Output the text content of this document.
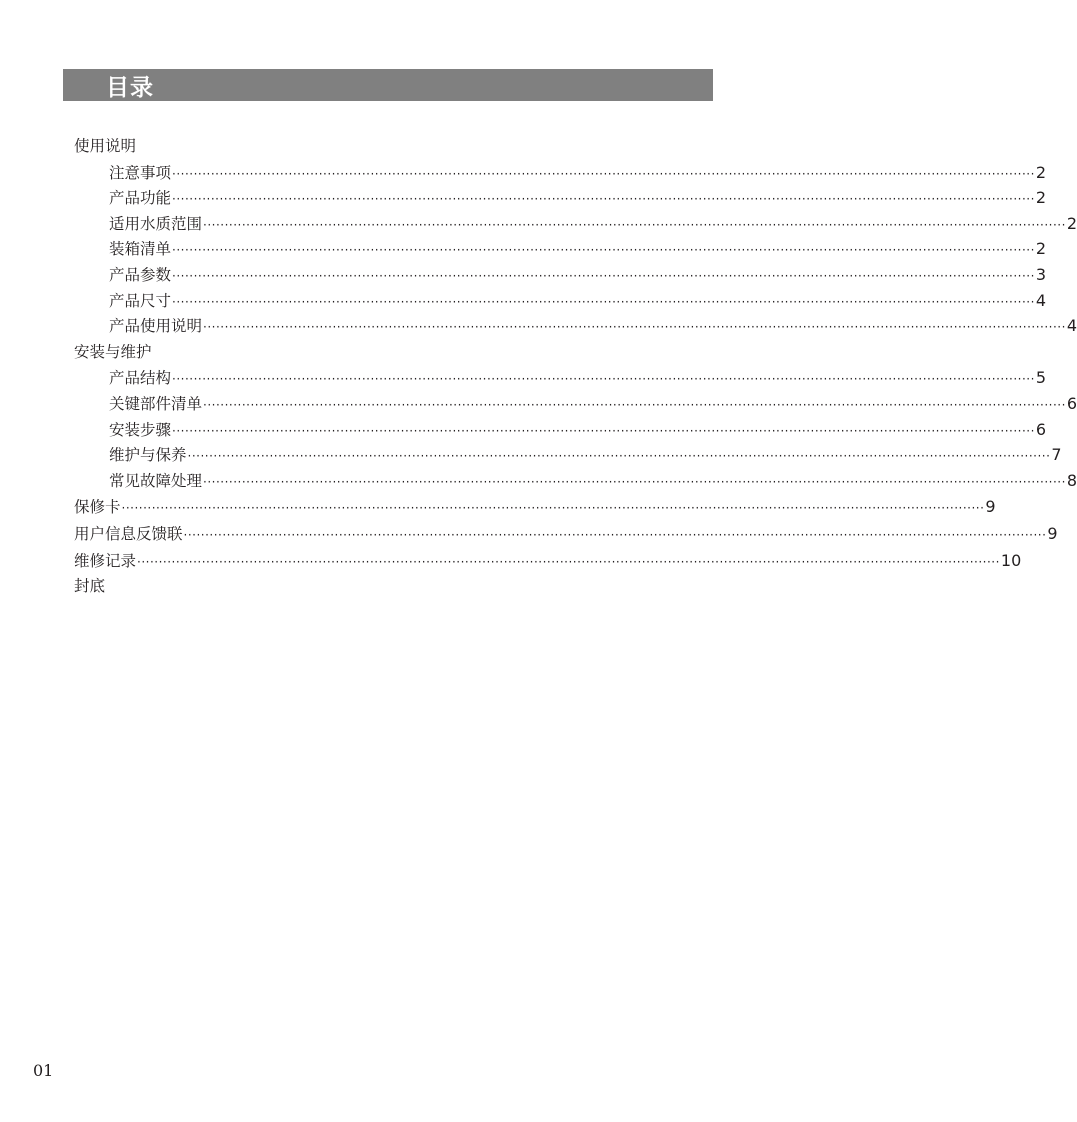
目录
使用说明
注意事项 ········································································································································································································ 2
产品功能 ········································································································································································································ 2
适用水质范围 ········································································································································································································ 2
装箱清单 ········································································································································································································ 2
产品参数 ········································································································································································································ 3
产品尺寸 ········································································································································································································ 4
产品使用说明 ········································································································································································································ 4
安装与维护
产品结构 ········································································································································································································ 5
关键部件清单 ········································································································································································································ 6
安装步骤 ········································································································································································································ 6
维护与保养 ········································································································································································································ 7
常见故障处理 ········································································································································································································ 8
保修卡 ········································································································································································································ 9
用户信息反馈联 ········································································································································································································ 9
维修记录 ········································································································································································································ 10
封底
01
